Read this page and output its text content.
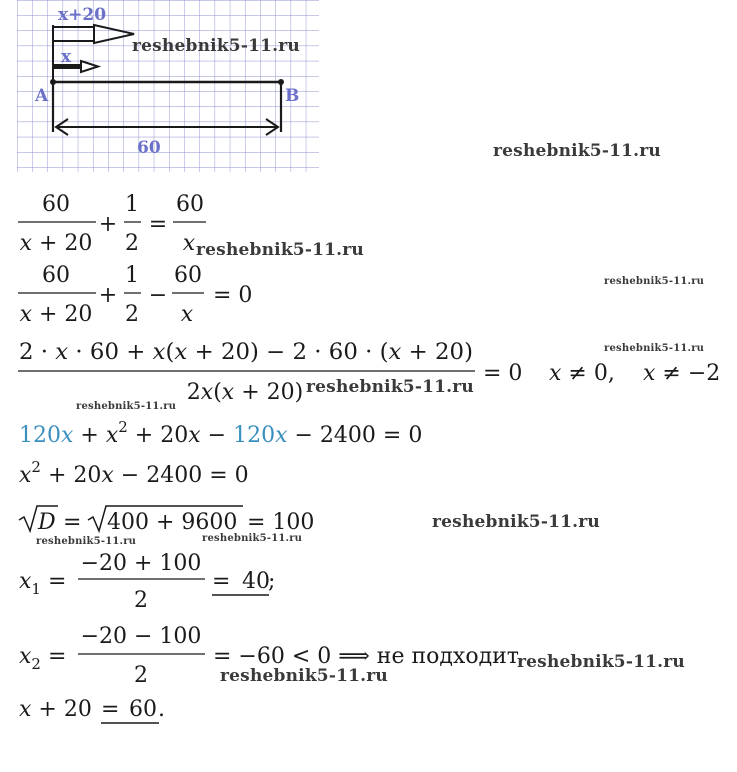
x+20
x
A	B
60
60
x + 20
+
1
2
=
60
x
60
x + 20
+
1
2
−
60
x
= 0
2 · x · 60 + x(x + 20) − 2 · 60 · ( x + 20)
2x(x + 20)
= 0 x ≠ 0, x ≠ −2
$120x + x^2 + 20x - 120x - 2400 = 0$
$x^2 + 20x - 2400 = 0$
D = 400 + 9600 = 100
$x_1$ =
−20 + 100
2
= 40
;
$x_2$ =
−20 − 100
2
= −60 < 0 ⟹ не подходит
x + 20 = 60 .
reshebnik5-11.ru
reshebnik5-11.ru
reshebnik5-11.ru
reshebnik5-11.ru
reshebnik5-11.ru
reshebnik5-11.ru
reshebnik5-11.ru
reshebnik5-11.ru
reshebnik5-11.ru	reshebnik5-11.ru
reshebnik5-11.ru
reshebnik5-11.ru
